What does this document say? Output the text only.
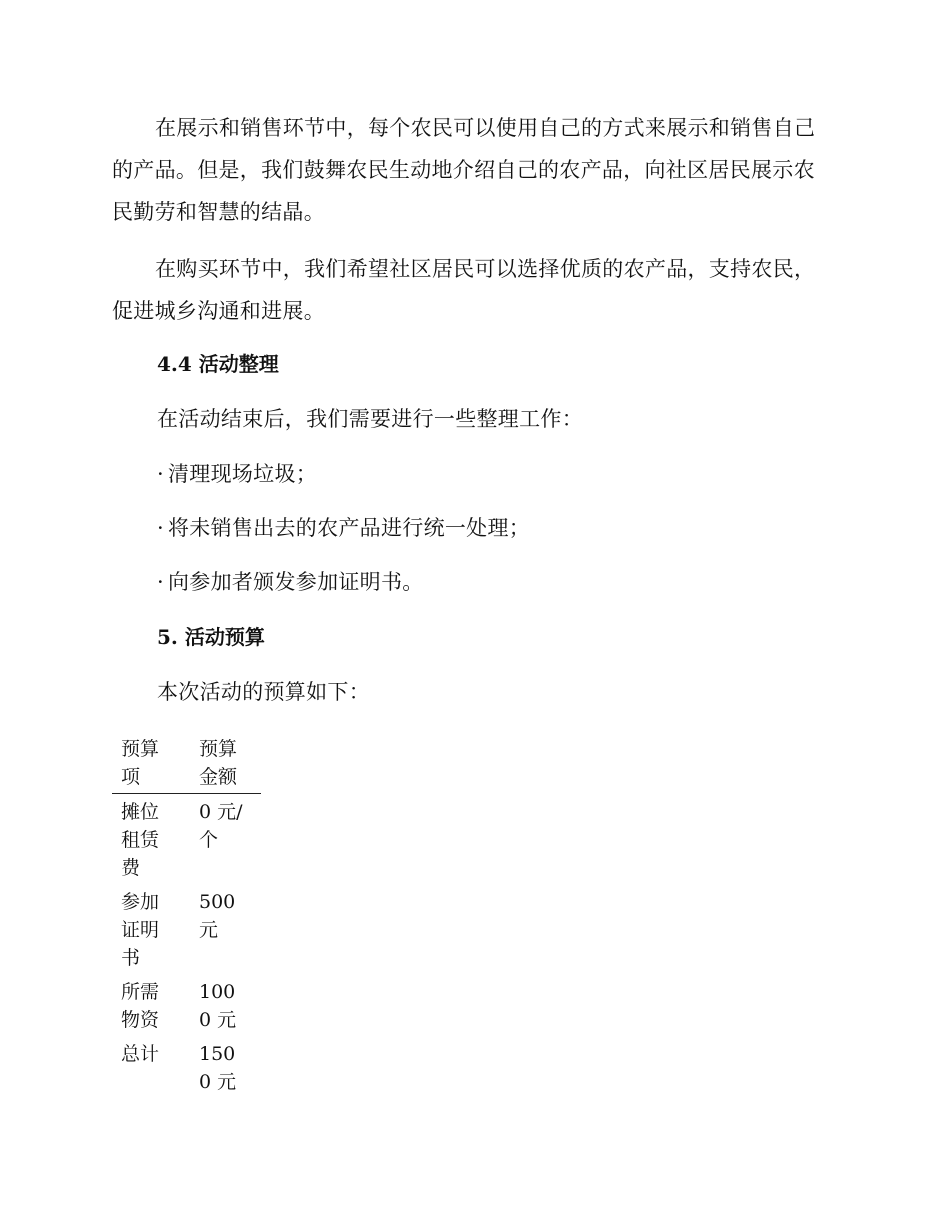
在展示和销售环节中，每个农民可以使用自己的方式来展示和销售自己的产品。但是，我们鼓舞农民生动地介绍自己的农产品，向社区居民展示农民勤劳和智慧的结晶。

在购买环节中，我们希望社区居民可以选择优质的农产品，支持农民，促进城乡沟通和进展。

4.4 活动整理

在活动结束后，我们需要进行一些整理工作：

· 清理现场垃圾；

· 将未销售出去的农产品进行统一处理；

· 向参加者颁发参加证明书。

5. 活动预算

本次活动的预算如下：

预算项	预算金额

摊位租赁费	0 元/个

参加证明书	500 元

所需物资	1000 元

总计	1500 元
